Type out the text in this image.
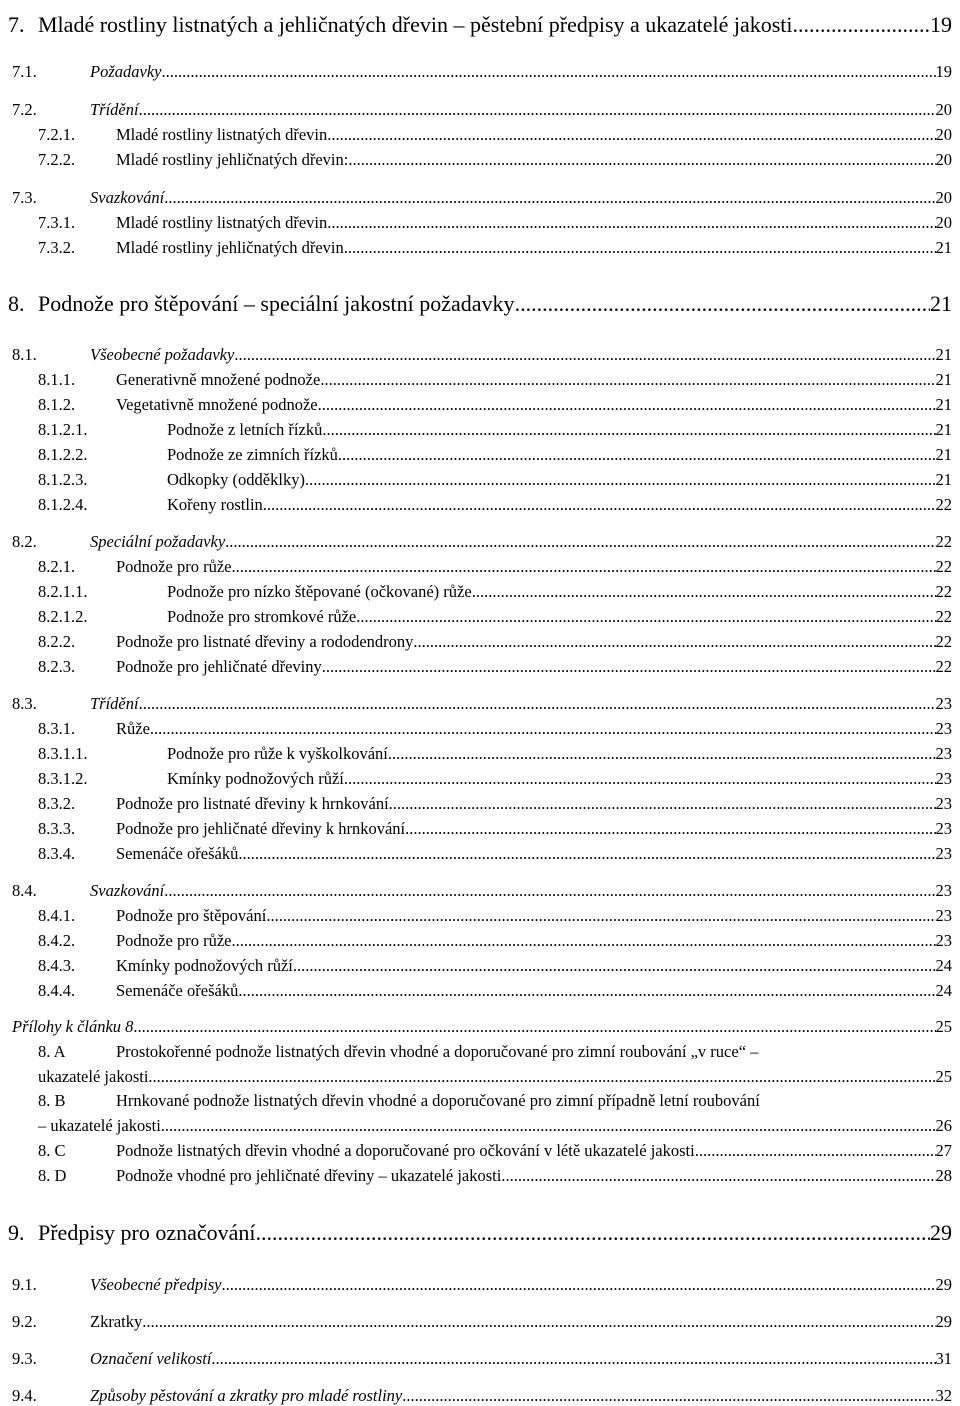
7. Mladé rostliny listnatých a jehličnatých dřevin – pěstební předpisy a ukazatelé jakosti .....	19
7.1.	Požadavky .....	19
7.2.	Třídění .....	20
7.2.1.	Mladé rostliny listnatých dřevin .....	20
7.2.2.	Mladé rostliny jehličnatých dřevin: .....	20
7.3.	Svazkování .....	20
7.3.1.	Mladé rostliny listnatých dřevin .....	20
7.3.2.	Mladé rostliny jehličnatých dřevin .....	21
8. Podnože pro štěpování – speciální jakostní požadavky .....	21
8.1.	Všeobecné požadavky .....	21
8.1.1.	Generativně množené podnože .....	21
8.1.2.	Vegetativně množené podnože .....	21
8.1.2.1.	Podnože z letních řízků .....	21
8.1.2.2.	Podnože ze zimních řízků .....	21
8.1.2.3.	Odkopky (odděklky) .....	21
8.1.2.4.	Kořeny rostlin .....	22
8.2.	Speciální požadavky .....	22
8.2.1.	Podnože pro růže .....	22
8.2.1.1.	Podnože pro nízko štěpované (očkované) růže .....	22
8.2.1.2.	Podnože pro stromkové růže .....	22
8.2.2.	Podnože pro listnaté dřeviny a rododendrony .....	22
8.2.3.	Podnože pro jehličnaté dřeviny .....	22
8.3.	Třídění .....	23
8.3.1.	Růže .....	23
8.3.1.1.	Podnože pro růže k vyškolkování .....	23
8.3.1.2.	Kmínky podnožových růží .....	23
8.3.2.	Podnože pro listnaté dřeviny k hrnkování .....	23
8.3.3.	Podnože pro jehličnaté dřeviny k hrnkování .....	23
8.3.4.	Semenáče ořešáků .....	23
8.4.	Svazkování .....	23
8.4.1.	Podnože pro štěpování .....	23
8.4.2.	Podnože pro růže .....	23
8.4.3.	Kmínky podnožových růží .....	24
8.4.4.	Semenáče ořešáků .....	24
Přílohy k článku 8 .....	25
8. A	Prostokořenné podnože listnatých dřevin vhodné a doporučované pro zimní roubování „v ruce“ –
ukazatelé jakosti .....	25
8. B	Hrnkované podnože listnatých dřevin vhodné a doporučované pro zimní případně letní roubování
– ukazatelé jakosti .....	26
8. C	Podnože listnatých dřevin vhodné a doporučované pro očkování v létě ukazatelé jakosti .....	27
8. D	Podnože vhodné pro jehličnaté dřeviny – ukazatelé jakosti .....	28
9. Předpisy pro označování .....	29
9.1.	Všeobecné předpisy .....	29
9.2.	Zkratky .....	29
9.3.	Označení velikostí .....	31
9.4.	Způsoby pěstování a zkratky pro mladé rostliny .....	32
